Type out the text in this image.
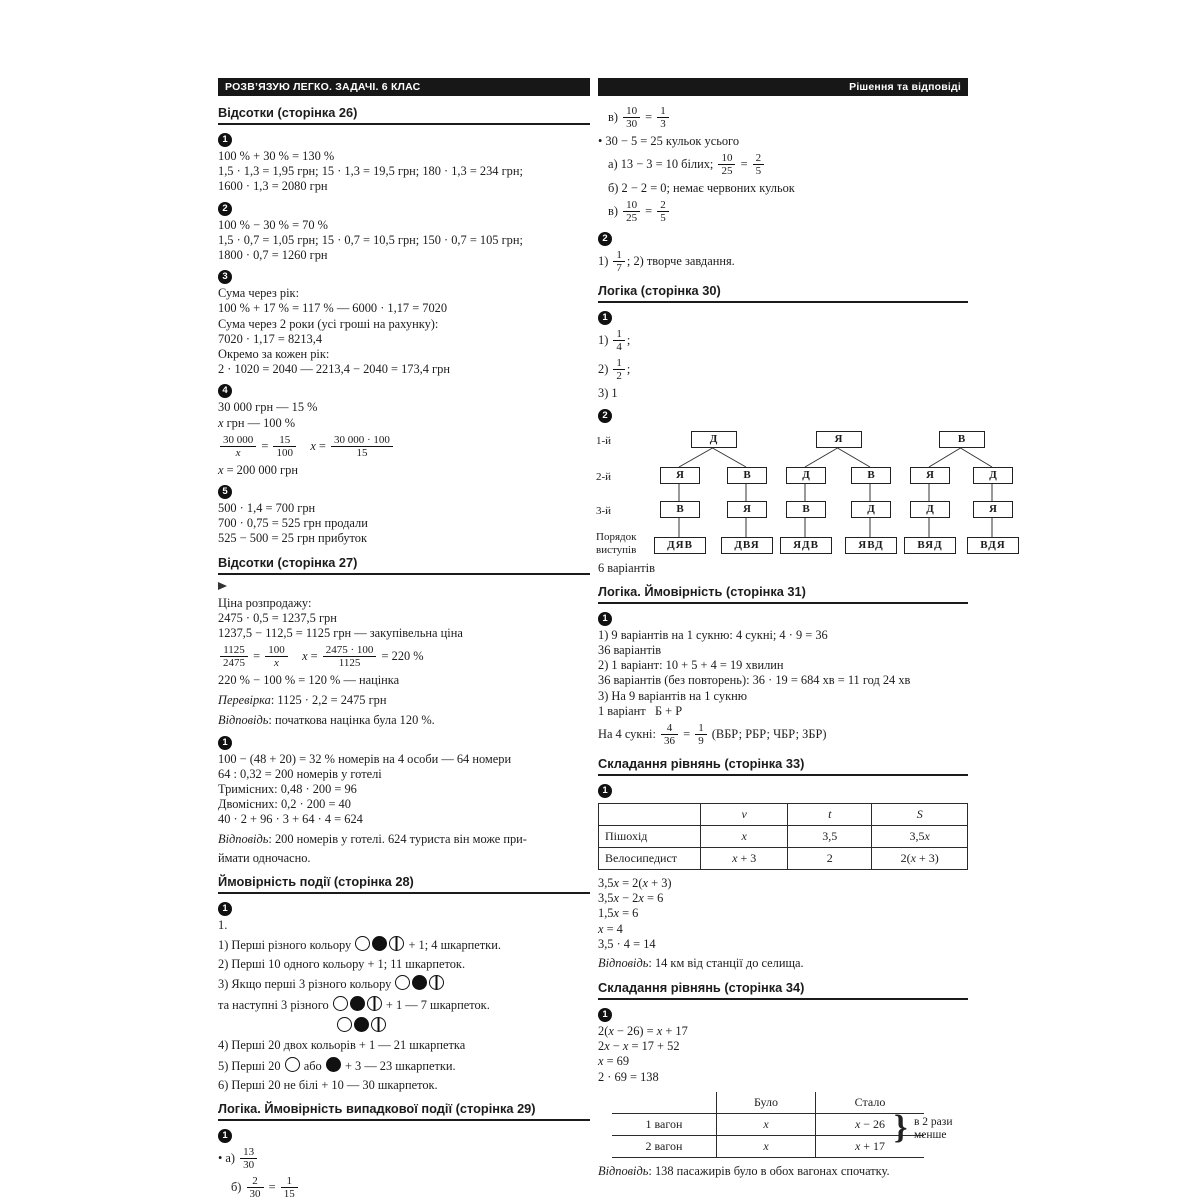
РОЗВ’ЯЗУЮ ЛЕГКО. ЗАДАЧІ. 6 КЛАС
Відсотки (сторінка 26)
1
100 % + 30 % = 130 %
1,5 · 1,3 = 1,95 грн; 15 · 1,3 = 19,5 грн; 180 · 1,3 = 234 грн;
1600 · 1,3 = 2080 грн
2
100 % − 30 % = 70 %
1,5 · 0,7 = 1,05 грн; 15 · 0,7 = 10,5 грн; 150 · 0,7 = 105 грн;
1800 · 0,7 = 1260 грн
3
Сума через рік:
100 % + 17 % = 117 % — 6000 · 1,17 = 7020
Сума через 2 роки (усі гроші на рахунку):
7020 · 1,17 = 8213,4
Окремо за кожен рік:
2 · 1020 = 2040 — 2213,4 − 2040 = 173,4 грн
4
30 000 грн — 15 %
x грн — 100 %
$\frac{30 000}{x} = \frac{15}{100}$
  $x = \frac{30 000 \cdot 100}{15}$
x = 200 000 грн
5
500 · 1,4 = 700 грн
700 · 0,75 = 525 грн продали
525 − 500 = 25 грн прибуток
Відсотки (сторінка 27)
Ціна розпродажу:
2475 · 0,5 = 1237,5 грн
1237,5 − 112,5 = 1125 грн — закупівельна ціна
$\frac{1125}{2475} = \frac{100}{x}$
  $x = \frac{2475 \cdot 100}{1125} = 220$ %
220 % − 100 % = 120 % — націнка
Перевірка: 1125 · 2,2 = 2475 грн
Відповідь: початкова націнка була 120 %.
1
100 − (48 + 20) = 32 % номерів на 4 особи — 64 номери
64 : 0,32 = 200 номерів у готелі
Тримісних: 0,48 · 200 = 96
Двомісних: 0,2 · 200 = 40
40 · 2 + 96 · 3 + 64 · 4 = 624
Відповідь: 200 номерів у готелі. 624 туриста він може при-
ймати одночасно.
Ймовірність події (сторінка 28)
1
1.
1) Перші різного кольору	+ 1; 4 шкарпетки.
2) Перші 10 одного кольору + 1; 11 шкарпеток.
3) Якщо перші 3 різного кольору
та наступні 3 різного	+ 1 — 7 шкарпеток.
4) Перші 20 двох кольорів + 1 — 21 шкарпетка
5) Перші 20  або  + 3 — 23 шкарпетки.
6) Перші 20 не білі + 10 — 30 шкарпеток.
Логіка. Ймовірність випадкової події (сторінка 29)
1
• $а) \frac{13}{30}$
$б) \frac{2}{30} = \frac{1}{15}$
Рішення та відповіді
$в) \frac{10}{30} = \frac{1}{3}$
• 30 − 5 = 25 кульок усього
а) 13 − 3 = 10 білих; $\frac{10}{25} = \frac{2}{5}$
б) 2 − 2 = 0; немає червоних кульок
$в) \frac{10}{25} = \frac{2}{5}$
2
$1) \frac{1}{7}$ ; 2) творче завдання.
Логіка (сторінка 30)
1
$1) \frac{1}{4}$ ;
$2) \frac{1}{2}$ ;
3) 1
2
Д
Я
В
ДЯВ
В
Я
ДВЯ
Я
Д
В
ЯДВ
В
Д
ЯВД
В
Я
Д
ВЯД
Д
Я
ВДЯ
1-й
2-й
3-й
Порядок
виступів
6 варіантів
Логіка. Ймовірність (сторінка 31)
1
1) 9 варіантів на 1 сукню: 4 сукні; 4 · 9 = 36
36 варіантів
2) 1 варіант: 10 + 5 + 4 = 19 хвилин
36 варіантів (без повторень): 36 · 19 = 684 хв = 11 год 24 хв
3) На 9 варіантів на 1 сукню
1 варіант  Б + Р
На 4 сукні: $\frac{4}{36} = \frac{1}{9} (ВБР$; РБР; ЧБР; ЗБР)
Складання рівнянь (сторінка 33)
1
	v	t	S
Пішохід	x	3,5	3,5x
Велосипедист	x + 3	2	2(x + 3)
3,5x = 2(x + 3)
3,5x − 2x = 6
1,5x = 6
x = 4
3,5 · 4 = 14
Відповідь: 14 км від станції до селища.
Складання рівнянь (сторінка 34)
1
2(x − 26) = x + 17
2x − x = 17 + 52
x = 69
2 · 69 = 138
	Було	Стало
1 вагон	x	x − 26
2 вагон	x	x + 17 } в 2 рази
менше
Відповідь: 138 пасажирів було в обох вагонах спочатку.
